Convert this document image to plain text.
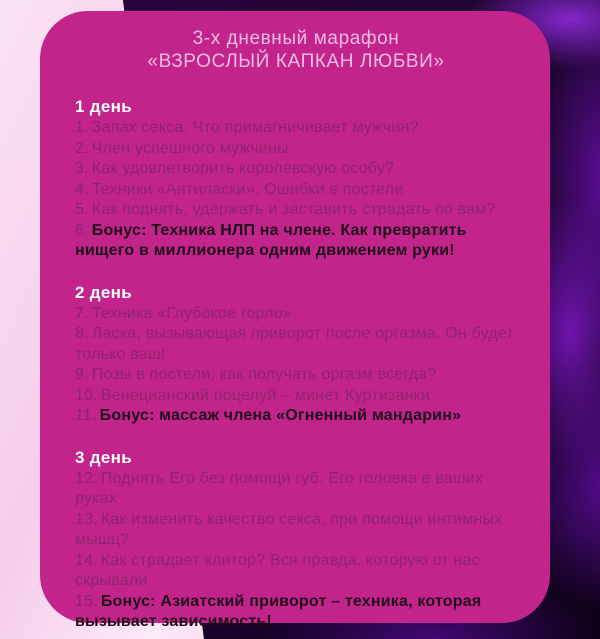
3-х дневный марафон
«ВЗРОСЛЫЙ КАПКАН ЛЮБВИ»
1 день
1. Запах секса. Что примагничивает мужчин?
2. Член успешного мужчины
3. Как удовлетворить королевскую особу?
4. Техники «Антиласки». Ошибки в постели
5. Как поднять, удержать и заставить страдать по вам?
6. Бонус: Техника НЛП на члене. Как превратить нищего в миллионера одним движением руки!
2 день
7. Техника «Глубокое горло»
8. Ласка, вызывающая приворот после оргазма. Он будет только ваш!
9. Позы в постели, как получать оргазм всегда?
10. Венецианский поцелуй – минет Куртизанки
11. Бонус: массаж члена «Огненный мандарин»
3 день
12. Поднять Его без помощи губ. Его головка в ваших руках
13. Как изменить качество секса, при помощи интимных мышц?
14. Как страдает клитор? Вся правда, которую от нас скрывали
15. Бонус: Азиатский приворот – техника, которая вызывает зависимость!
